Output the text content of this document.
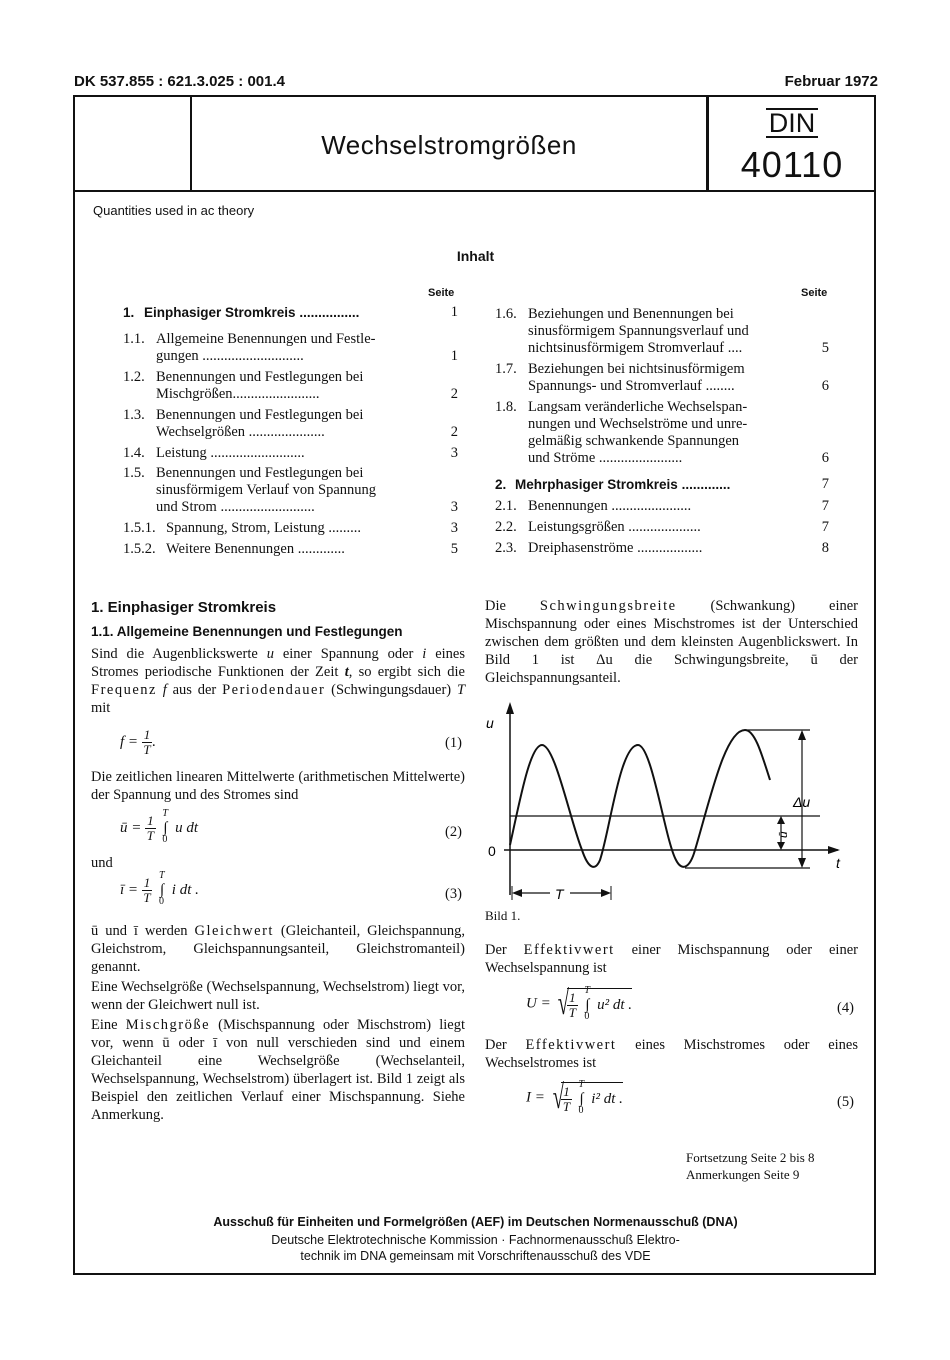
DK 537.855 : 621.3.025 : 001.4	Februar 1972
Wechselstromgrößen
DIN
40110
Quantities used in ac theory
Inhalt
Seite	Seite
1. Einphasiger Stromkreis ................	1
1.1. Allgemeine Benennungen und Festle-
gungen ............................	1
1.2. Benennungen und Festlegungen bei
Mischgrößen........................	2
1.3. Benennungen und Festlegungen bei
Wechselgrößen .....................	2
1.4. Leistung ..........................	3
1.5. Benennungen und Festlegungen bei
sinusförmigem Verlauf von Spannung
und Strom ..........................	3
1.5.1. Spannung, Strom, Leistung .........	3
1.5.2. Weitere Benennungen .............	5
1.6. Beziehungen und Benennungen bei
sinusförmigem Spannungsverlauf und
nichtsinusförmigem Stromverlauf ....	5
1.7. Beziehungen bei nichtsinusförmigem
Spannungs- und Stromverlauf ........	6
1.8. Langsam veränderliche Wechselspan-
nungen und Wechselströme und unre-
gelmäßig schwankende Spannungen
und Ströme .......................	6
2. Mehrphasiger Stromkreis .............	7
2.1. Benennungen ......................	7
2.2. Leistungsgrößen ....................	7
2.3. Dreiphasenströme ..................	8
1. Einphasiger Stromkreis
1.1. Allgemeine Benennungen und Festlegungen
Sind die Augenblickswerte u einer Spannung oder i eines Stromes periodische Funktionen der Zeit t, so ergibt sich die Frequenz f aus der Periodendauer (Schwingungsdauer) T mit
$f = \frac{1}{T}$ .	(1)
Die zeitlichen linearen Mittelwerte (arithmetischen Mittelwerte) der Spannung und des Stromes sind
ū = $\frac{1}{T}$

T
∫
0
u dt	(2)
und
ī = $\frac{1}{T}$

T
∫
0
i dt .	(3)
ū und ī werden Gleichwert (Gleichanteil, Gleichspannung, Gleichstrom, Gleichspannungsanteil, Gleichstromanteil) genannt.
Eine Wechselgröße (Wechselspannung, Wechselstrom) liegt vor, wenn der Gleichwert null ist.
Eine Mischgröße (Mischspannung oder Mischstrom) liegt vor, wenn ū oder ī von null verschieden sind und einem Gleichanteil eine Wechselgröße (Wechselanteil, Wechselspannung, Wechselstrom) überlagert ist. Bild 1 zeigt als Beispiel den zeitlichen Verlauf einer Mischspannung. Siehe Anmerkung.
Die Schwingungsbreite (Schwankung) einer Mischspannung oder eines Mischstromes ist der Unterschied zwischen dem größten und dem kleinsten Augenblickswert. In Bild 1 ist Δu die Schwingungsbreite, ū der Gleichspannungsanteil.
T
u
0
t
Δu
ū
Bild 1.
Der Effektivwert einer Mischspannung oder einer Wechselspannung ist
U = √
$\frac{1}{T}$

T
∫
0
u² dt .	(4)
Der Effektivwert eines Mischstromes oder eines Wechselstromes ist
I = √
$\frac{1}{T}$

T
∫
0
i² dt .	(5)
Fortsetzung Seite 2 bis 8
Anmerkungen Seite 9
Ausschuß für Einheiten und Formelgrößen (AEF) im Deutschen Normenausschuß (DNA)
Deutsche Elektrotechnische Kommission · Fachnormenausschuß Elektro-
technik im DNA gemeinsam mit Vorschriftenausschuß des VDE
